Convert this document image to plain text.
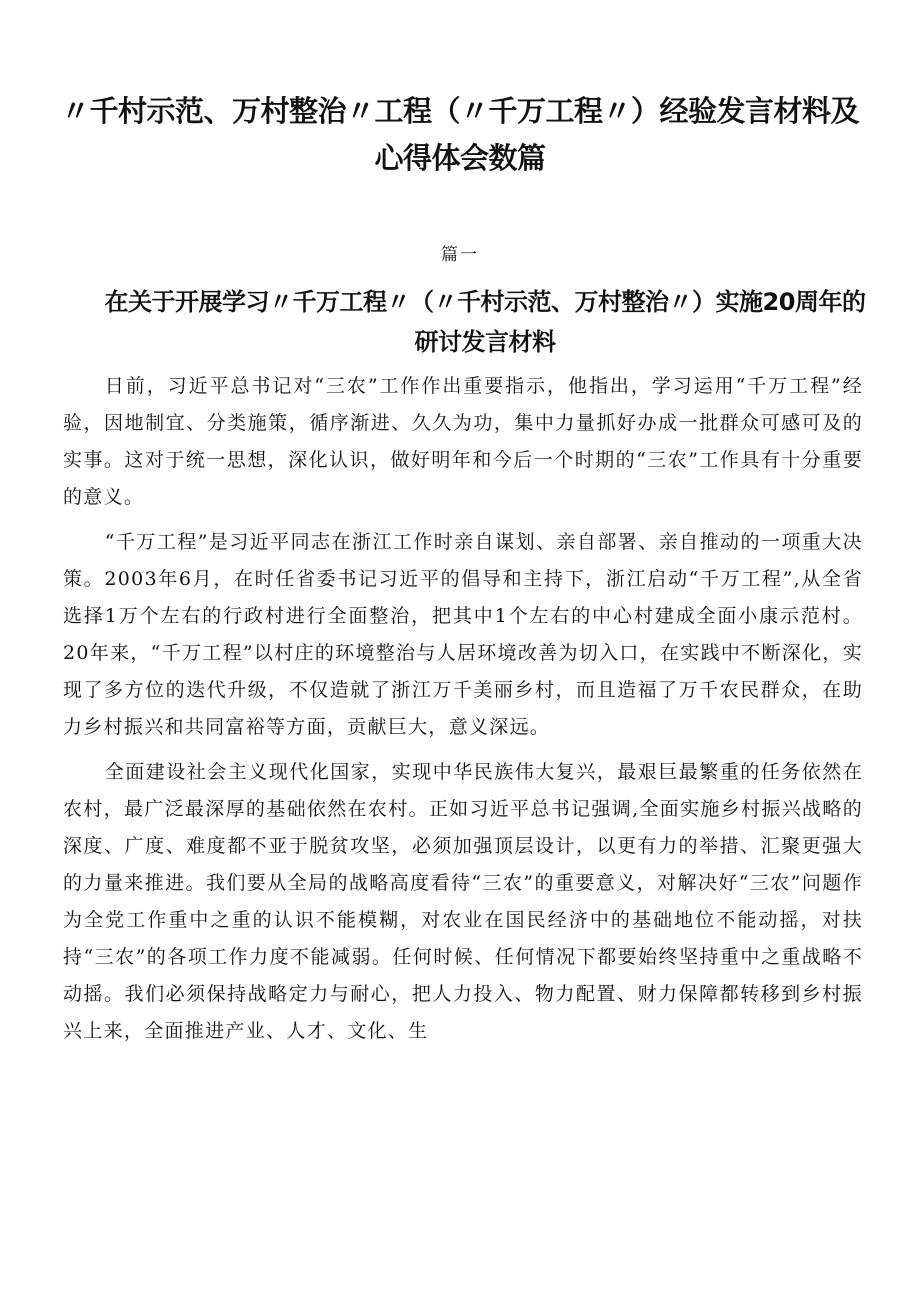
〃千村示范、万村整治〃工程（〃千万工程〃）经验发言材料及心得体会数篇
篇一
在关于开展学习〃千万工程〃（〃千村示范、万村整治〃）实施20周年的研讨发言材料

日前，习近平总书记对“三农”工作作出重要指示，他指出，学习运用“千万工程”经验，因地制宜、分类施策，循序渐进、久久为功，集中力量抓好办成一批群众可感可及的实事。这对于统一思想，深化认识，做好明年和今后一个时期的“三农”工作具有十分重要的意义。

“千万工程”是习近平同志在浙江工作时亲自谋划、亲自部署、亲自推动的一项重大决策。2003年6月，在时任省委书记习近平的倡导和主持下，浙江启动“千万工程”,从全省选择1万个左右的行政村进行全面整治，把其中1个左右的中心村建成全面小康示范村。20年来，“千万工程”以村庄的环境整治与人居环境改善为切入口，在实践中不断深化，实现了多方位的迭代升级，不仅造就了浙江万千美丽乡村，而且造福了万千农民群众，在助力乡村振兴和共同富裕等方面，贡献巨大，意义深远。

全面建设社会主义现代化国家，实现中华民族伟大复兴，最艰巨最繁重的任务依然在农村，最广泛最深厚的基础依然在农村。正如习近平总书记强调,全面实施乡村振兴战略的深度、广度、难度都不亚于脱贫攻坚，必须加强顶层设计，以更有力的举措、汇聚更强大的力量来推进。我们要从全局的战略高度看待“三农”的重要意义，对解决好“三农”问题作为全党工作重中之重的认识不能模糊，对农业在国民经济中的基础地位不能动摇，对扶持“三农”的各项工作力度不能减弱。任何时候、任何情况下都要始终坚持重中之重战略不动摇。我们必须保持战略定力与耐心，把人力投入、物力配置、财力保障都转移到乡村振兴上来，全面推进产业、人才、文化、生
